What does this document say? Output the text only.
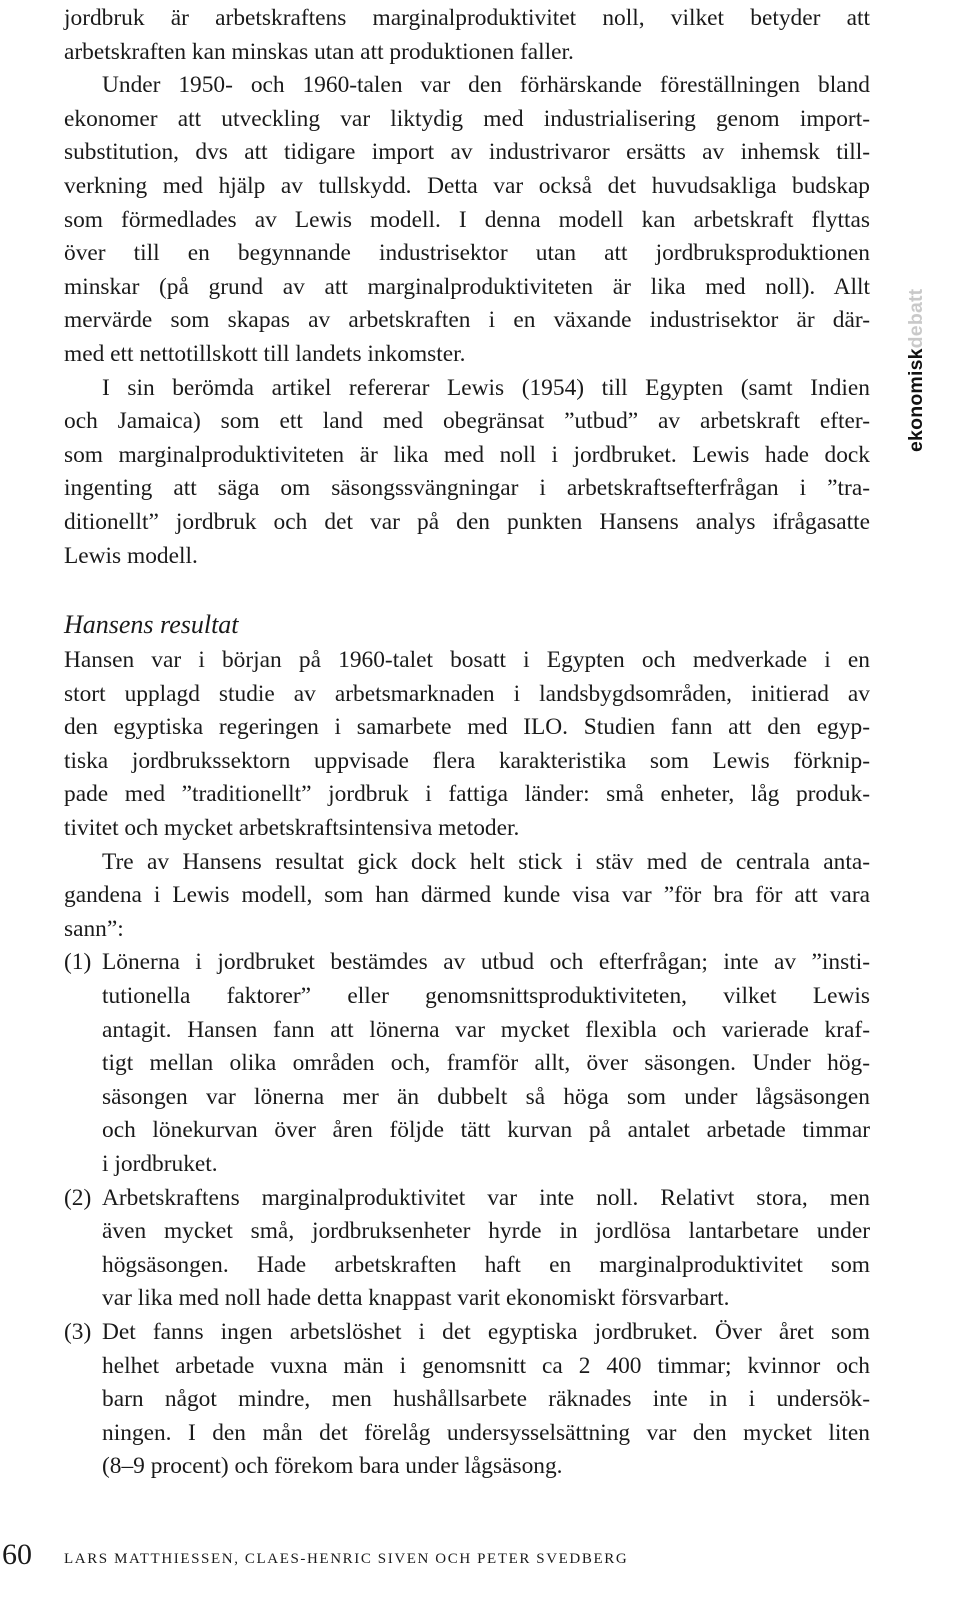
jordbruk är arbetskraftens marginalproduktivitet noll, vilket betyder att
arbetskraften kan minskas utan att produktionen faller.

Under 1950- och 1960-talen var den förhärskande föreställningen bland
ekonomer att utveckling var liktydig med industrialisering genom import-
substitution, dvs att tidigare import av industrivaror ersätts av inhemsk till-
verkning med hjälp av tullskydd. Detta var också det huvudsakliga budskap
som förmedlades av Lewis modell. I denna modell kan arbetskraft flyttas
över till en begynnande industrisektor utan att jordbruksproduktionen
minskar (på grund av att marginalproduktiviteten är lika med noll). Allt
mervärde som skapas av arbetskraften i en växande industrisektor är där-
med ett nettotillskott till landets inkomster.

I sin berömda artikel refererar Lewis (1954) till Egypten (samt Indien
och Jamaica) som ett land med obegränsat ”utbud” av arbetskraft efter-
som marginalproduktiviteten är lika med noll i jordbruket. Lewis hade dock
ingenting att säga om säsongssvängningar i arbetskraftsefterfrågan i ”tra-
ditionellt” jordbruk och det var på den punkten Hansens analys ifrågasatte
Lewis modell.

Hansens resultat

Hansen var i början på 1960-talet bosatt i Egypten och medverkade i en
stort upplagd studie av arbetsmarknaden i landsbygdsområden, initierad av
den egyptiska regeringen i samarbete med ILO. Studien fann att den egyp-
tiska jordbrukssektorn uppvisade flera karakteristika som Lewis förknip-
pade med ”traditionellt” jordbruk i fattiga länder: små enheter, låg produk-
tivitet och mycket arbetskraftsintensiva metoder.

Tre av Hansens resultat gick dock helt stick i stäv med de centrala anta-
gandena i Lewis modell, som han därmed kunde visa var ”för bra för att vara
sann”:

(1) Lönerna i jordbruket bestämdes av utbud och efterfrågan; inte av ”insti-
tutionella faktorer” eller genomsnittsproduktiviteten, vilket Lewis
antagit. Hansen fann att lönerna var mycket flexibla och varierade kraf-
tigt mellan olika områden och, framför allt, över säsongen. Under hög-
säsongen var lönerna mer än dubbelt så höga som under lågsäsongen
och lönekurvan över åren följde tätt kurvan på antalet arbetade timmar
i jordbruket.
(2) Arbetskraftens marginalproduktivitet var inte noll. Relativt stora, men
även mycket små, jordbruksenheter hyrde in jordlösa lantarbetare under
högsäsongen. Hade arbetskraften haft en marginalproduktivitet som
var lika med noll hade detta knappast varit ekonomiskt försvarbart.
(3) Det fanns ingen arbetslöshet i det egyptiska jordbruket. Över året som
helhet arbetade vuxna män i genomsnitt ca 2 400 timmar; kvinnor och
barn något mindre, men hushållsarbete räknades inte in i undersök-
ningen. I den mån det förelåg undersysselsättning var den mycket liten
(8–9 procent) och förekom bara under lågsäsong.
ekonomiskdebatt
60 LARS MATTHIESSEN, CLAES-HENRIC SIVEN OCH PETER SVEDBERG
